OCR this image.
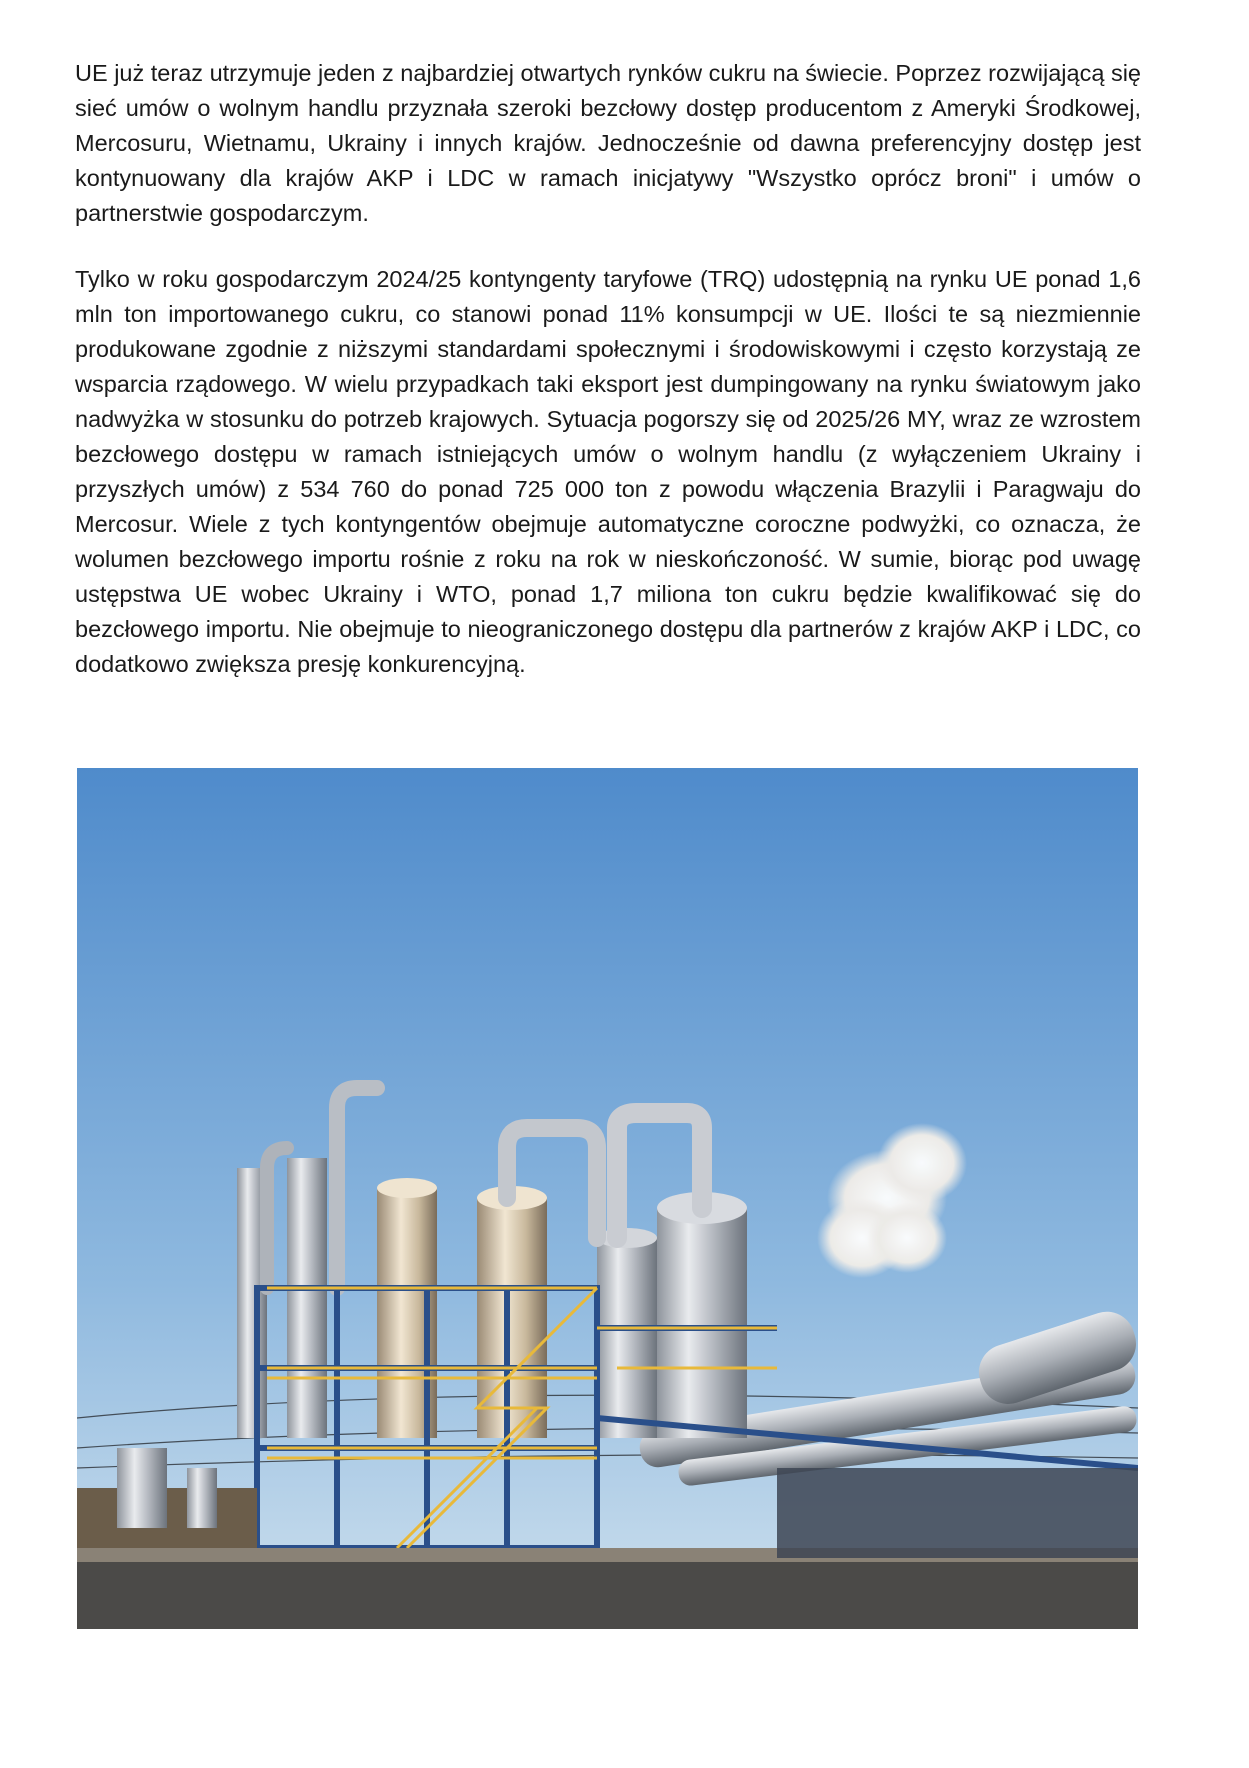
UE już teraz utrzymuje jeden z najbardziej otwartych rynków cukru na świecie. Poprzez rozwijającą się sieć umów o wolnym handlu przyznała szeroki bezcłowy dostęp producentom z Ameryki Środkowej, Mercosuru, Wietnamu, Ukrainy i innych krajów. Jednocześnie od dawna preferencyjny dostęp jest kontynuowany dla krajów AKP i LDC w ramach inicjatywy "Wszystko oprócz broni" i umów o partnerstwie gospodarczym.

Tylko w roku gospodarczym 2024/25 kontyngenty taryfowe (TRQ) udostępnią na rynku UE ponad 1,6 mln ton importowanego cukru, co stanowi ponad 11% konsumpcji w UE. Ilości te są niezmiennie produkowane zgodnie z niższymi standardami społecznymi i środowiskowymi i często korzystają ze wsparcia rządowego. W wielu przypadkach taki eksport jest dumpingowany na rynku światowym jako nadwyżka w stosunku do potrzeb krajowych. Sytuacja pogorszy się od 2025/26 MY, wraz ze wzrostem bezcłowego dostępu w ramach istniejących umów o wolnym handlu (z wyłączeniem Ukrainy i przyszłych umów) z 534 760 do ponad 725 000 ton z powodu włączenia Brazylii i Paragwaju do Mercosur. Wiele z tych kontyngentów obejmuje automatyczne coroczne podwyżki, co oznacza, że wolumen bezcłowego importu rośnie z roku na rok w nieskończoność. W sumie, biorąc pod uwagę ustępstwa UE wobec Ukrainy i WTO, ponad 1,7 miliona ton cukru będzie kwalifikować się do bezcłowego importu. Nie obejmuje to nieograniczonego dostępu dla partnerów z krajów AKP i LDC, co dodatkowo zwiększa presję konkurencyjną.
